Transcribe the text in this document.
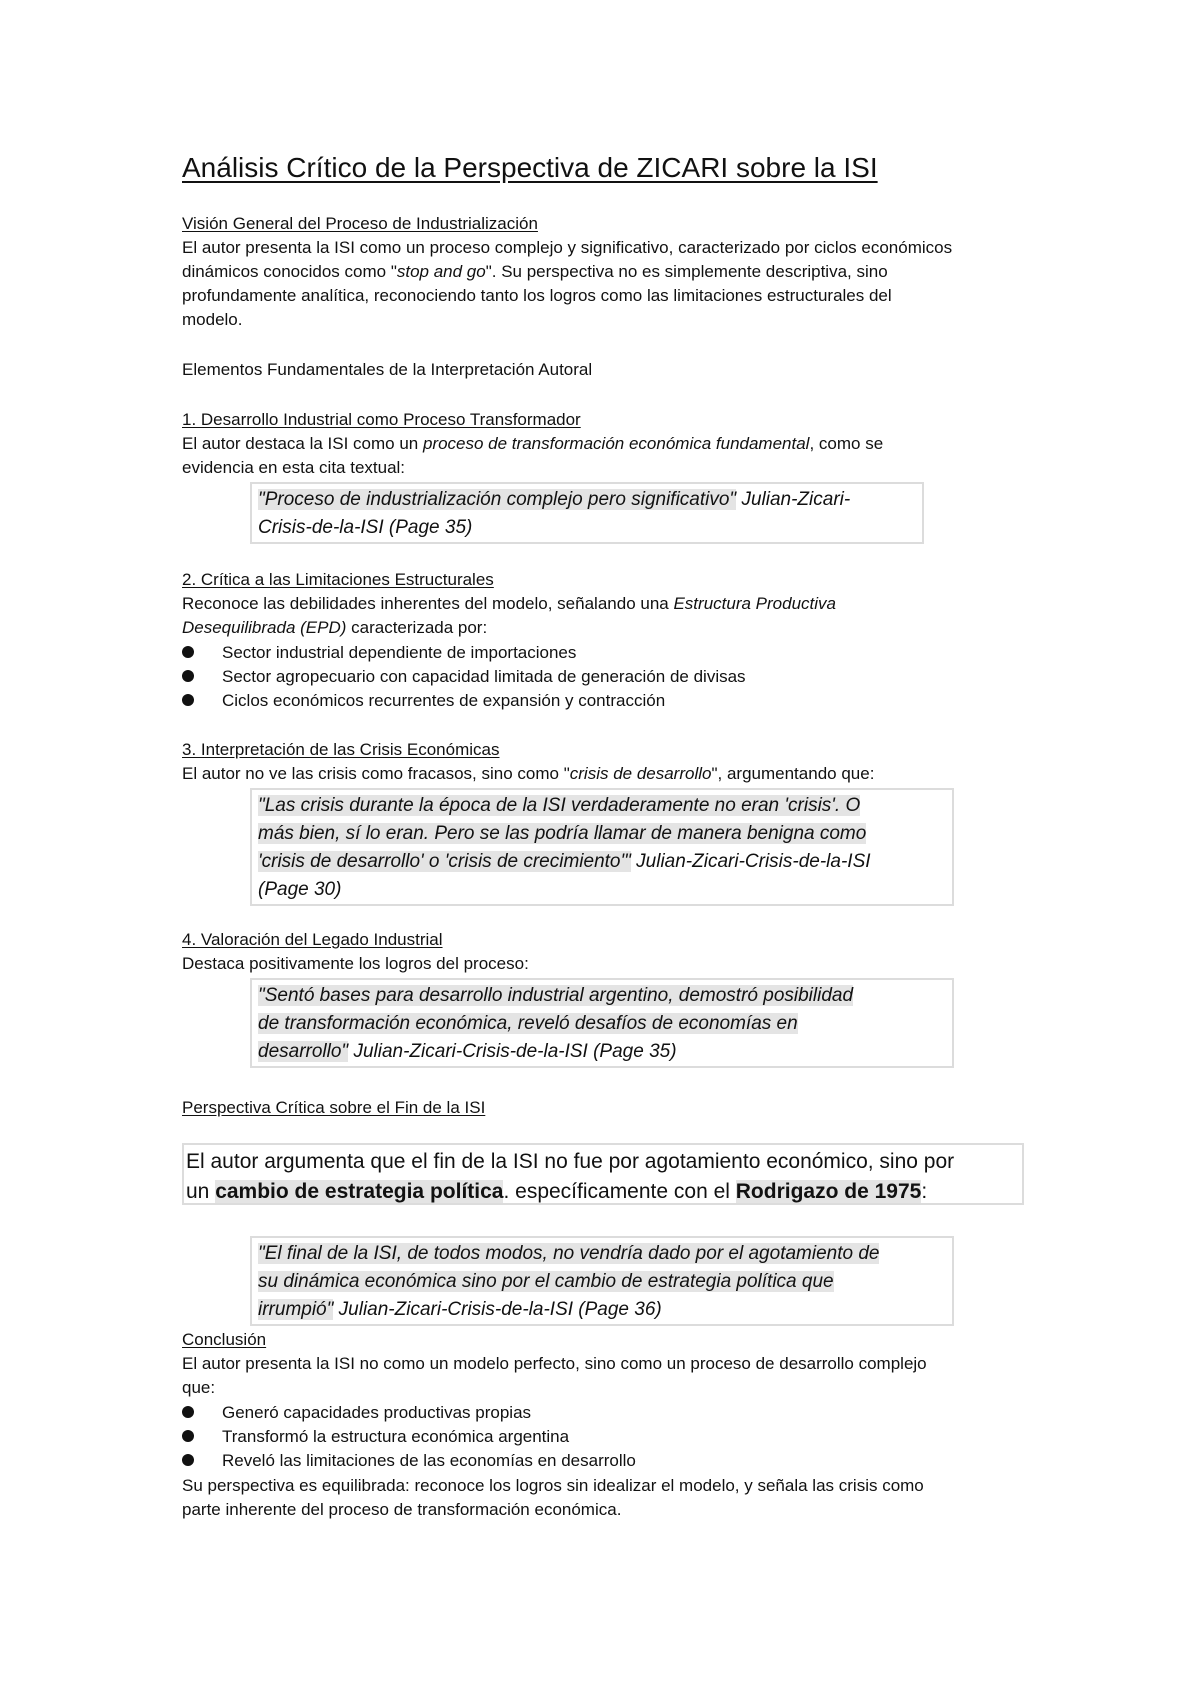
Análisis Crítico de la Perspectiva de ZICARI sobre la ISI
Visión General del Proceso de Industrialización
El autor presenta la ISI como un proceso complejo y significativo, caracterizado por ciclos económicos
dinámicos conocidos como "stop and go". Su perspectiva no es simplemente descriptiva, sino
profundamente analítica, reconociendo tanto los logros como las limitaciones estructurales del
modelo.
Elementos Fundamentales de la Interpretación Autoral
1. Desarrollo Industrial como Proceso Transformador
El autor destaca la ISI como un proceso de transformación económica fundamental, como se
evidencia en esta cita textual:
"Proceso de industrialización complejo pero significativo" Julian-Zicari-
Crisis-de-la-ISI (Page 35)
2. Crítica a las Limitaciones Estructurales
Reconoce las debilidades inherentes del modelo, señalando una Estructura Productiva
Desequilibrada (EPD) caracterizada por:
Sector industrial dependiente de importaciones
Sector agropecuario con capacidad limitada de generación de divisas
Ciclos económicos recurrentes de expansión y contracción
3. Interpretación de las Crisis Económicas
El autor no ve las crisis como fracasos, sino como "crisis de desarrollo", argumentando que:
"Las crisis durante la época de la ISI verdaderamente no eran 'crisis'. O
más bien, sí lo eran. Pero se las podría llamar de manera benigna como
'crisis de desarrollo' o 'crisis de crecimiento'" Julian-Zicari-Crisis-de-la-ISI
(Page 30)
4. Valoración del Legado Industrial
Destaca positivamente los logros del proceso:
"Sentó bases para desarrollo industrial argentino, demostró posibilidad
de transformación económica, reveló desafíos de economías en
desarrollo" Julian-Zicari-Crisis-de-la-ISI (Page 35)
Perspectiva Crítica sobre el Fin de la ISI
El autor argumenta que el fin de la ISI no fue por agotamiento económico, sino por
un cambio de estrategia política. específicamente con el Rodrigazo de 1975:
"El final de la ISI, de todos modos, no vendría dado por el agotamiento de
su dinámica económica sino por el cambio de estrategia política que
irrumpió" Julian-Zicari-Crisis-de-la-ISI (Page 36)
Conclusión
El autor presenta la ISI no como un modelo perfecto, sino como un proceso de desarrollo complejo
que:
Generó capacidades productivas propias
Transformó la estructura económica argentina
Reveló las limitaciones de las economías en desarrollo
Su perspectiva es equilibrada: reconoce los logros sin idealizar el modelo, y señala las crisis como
parte inherente del proceso de transformación económica.
